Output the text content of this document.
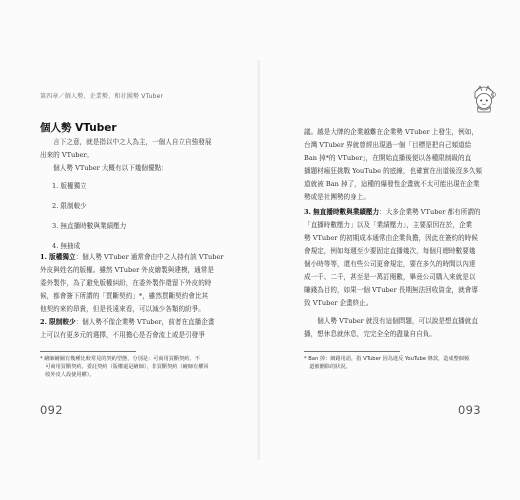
第四章／個人勢、企業勢、和社團勢 VTuber
個人勢 VTuber
　　言下之意，就是指以中之人為主，一個人自立自強發展
出來的 VTuber。
　　個人勢 VTuber 大概有以下幾個優點：
1. 版權獨立
2. 限制較少
3. 無直播時數與業績壓力
4. 無抽成
1. 版權獨立：個人勢 VTuber 通常會由中之人持有該 VTuber
外皮與姓名的版權。雖然 VTuber 外皮繪製與建模，通常是
委外製作，為了避免版權糾紛，在委外製作還留下外皮的時
候，都會簽下所謂的「買斷契約」*，雖然買斷契約會比其
他契約來的昂貴，但是長遠來看，可以減少各類的紛爭。
2. 限制較少：個人勢不像企業勢 VTuber，前者在直播企畫
上可以有更多元的選擇，不用擔心是否會流上或是引發爭
* 繪師繪圖有幾種比較常見的契約型態，分別是：可商用買斷契約、不
　可商用買斷契約、委託契約（版權還是繪師），非買斷契約（繪師有權回
　收外皮人設使用權）。
092
議。越是大牌的企業越難在企業勢 VTuber 上發生，例如，
台灣 VTuber 界就曾經出現過一個「目標是把自己頻道給
Ban 掉*的 VTuber」，在開始直播後便以各種限制級的直
播題材瘋狂挑戰 YouTube 的底線，也確實在出道後沒多久頻
道就被 Ban 掉了，這種的爆發性企畫就不太可能出現在企業
勢或是社團勢的身上。
3. 無直播時數與業績壓力：大多企業勢 VTuber 都有所謂的
「直播時數壓力」以及「業績壓力」，主要原因在於，企業
勢 VTuber 的初期成本通常由企業負擔，因此在簽約的時候
會規定，例如每週至少要固定直播幾次，每個月總時數要幾
個小時等等，還有些公司更會規定，要在多久的時間以內達
成一千、二千，甚至是一萬訂閱數，畢竟公司購入來就是以
賺錢為目的，如果一個 VTuber 長期無法回收資金，就會導
致 VTuber 企畫終止。
　　個人勢 VTuber 就沒有這個問題，可以說是想直播就直
播，想休息就休息，完完全全的盡量自自負。
* Ban 掉：網路用語，指 VTuber 因為違反 YouTube 條款，造成整個頻
　道被刪除的狀況。
093
